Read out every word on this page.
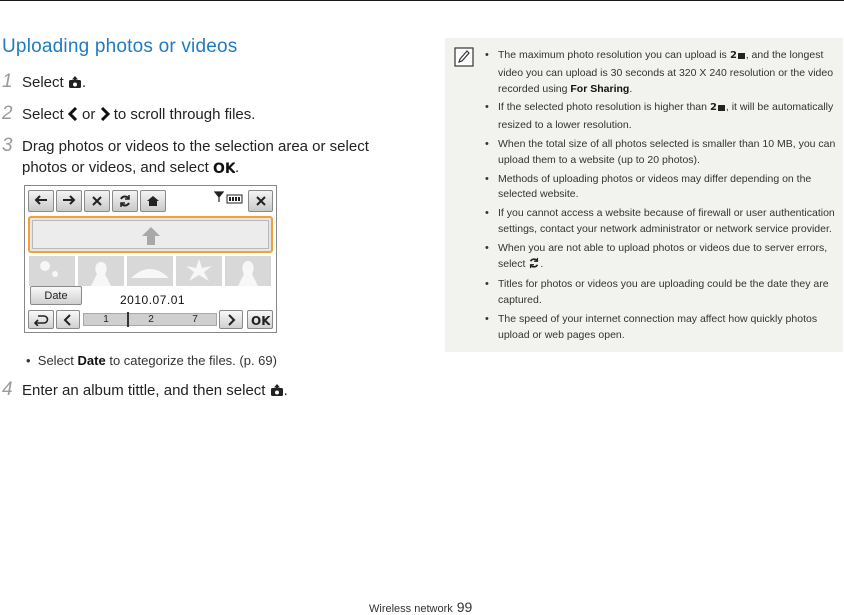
Uploading photos or videos
1 Select .
2 Select  or  to scroll through files.
3 Drag photos or videos to the selection area or select
photos or videos, and select OK .
Date	2010.07.01
1	2	7	OK
•  Select Date to categorize the files. (p. 69)
4 Enter an album tittle, and then select .
• The maximum photo resolution you can upload is 2 , and the longest video you can upload is 30 seconds at 320 X 240 resolution or the video recorded using For Sharing.
• If the selected photo resolution is higher than 2 , it will be automatically resized to a lower resolution.
• When the total size of all photos selected is smaller than 10 MB, you can upload them to a website (up to 20 photos).
• Methods of uploading photos or videos may differ depending on the selected website.
• If you cannot access a website because of firewall or user authentication settings, contact your network administrator or network service provider.
• When you are not able to upload photos or videos due to server errors, select .
• Titles for photos or videos you are uploading could be the date they are captured.
• The speed of your internet connection may affect how quickly photos upload or web pages open.
Wireless network 99
